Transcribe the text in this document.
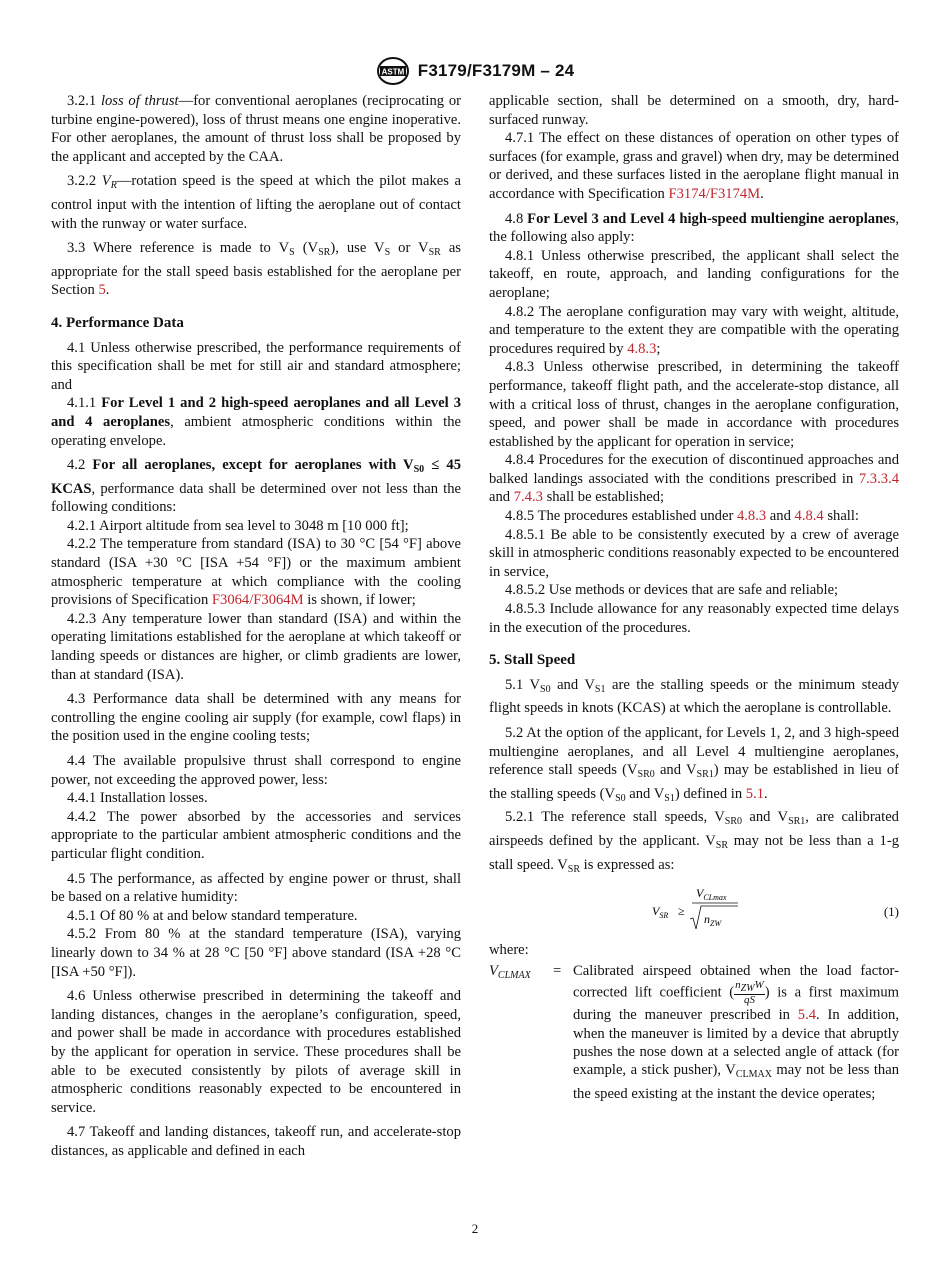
ASTM F3179/F3179M – 24

3.2.1 loss of thrust—for conventional aeroplanes (reciprocating or turbine engine-powered), loss of thrust means one engine inoperative. For other aeroplanes, the amount of thrust loss shall be proposed by the applicant and accepted by the CAA.

3.2.2 $V_R—rotation$ speed is the speed at which the pilot makes a control input with the intention of lifting the aeroplane out of contact with the runway or water surface.

3.3 Where reference is made to $V_S$ $(V_{SR})$, use $V_S$ or $V_{SR}$ as appropriate for the stall speed basis established for the aeroplane per Section 5.

4. Performance Data

4.1 Unless otherwise prescribed, the performance requirements of this specification shall be met for still air and standard atmosphere; and

4.1.1 For Level 1 and 2 high-speed aeroplanes and all Level 3 and 4 aeroplanes, ambient atmospheric conditions within the operating envelope.

4.2 For all aeroplanes, except for aeroplanes with $V_{S0} \le 45$ KCAS, performance data shall be determined over not less than the following conditions:

4.2.1 Airport altitude from sea level to 3048 m [10 000 ft];

4.2.2 The temperature from standard (ISA) to 30 °C [54 °F] above standard (ISA +30 °C [ISA +54 °F]) or the maximum ambient atmospheric temperature at which compliance with the cooling provisions of Specification F3064/F3064M is shown, if lower;

4.2.3 Any temperature lower than standard (ISA) and within the operating limitations established for the aeroplane at which takeoff or landing speeds or distances are higher, or climb gradients are lower, than at standard (ISA).

4.3 Performance data shall be determined with any means for controlling the engine cooling air supply (for example, cowl flaps) in the position used in the engine cooling tests;

4.4 The available propulsive thrust shall correspond to engine power, not exceeding the approved power, less:

4.4.1 Installation losses.

4.4.2 The power absorbed by the accessories and services appropriate to the particular ambient atmospheric conditions and the particular flight condition.

4.5 The performance, as affected by engine power or thrust, shall be based on a relative humidity:

4.5.1 Of 80 % at and below standard temperature.

4.5.2 From 80 % at the standard temperature (ISA), varying linearly down to 34 % at 28 °C [50 °F] above standard (ISA +28 °C [ISA +50 °F]).

4.6 Unless otherwise prescribed in determining the takeoff and landing distances, changes in the aeroplane’s configuration, speed, and power shall be made in accordance with procedures established by the applicant for operation in service. These procedures shall be able to be executed consistently by pilots of average skill in atmospheric conditions reasonably expected to be encountered in service.

4.7 Takeoff and landing distances, takeoff run, and accelerate-stop distances, as applicable and defined in each

applicable section, shall be determined on a smooth, dry, hard-surfaced runway.

4.7.1 The effect on these distances of operation on other types of surfaces (for example, grass and gravel) when dry, may be determined or derived, and these surfaces listed in the aeroplane flight manual in accordance with Specification F3174/F3174M.

4.8 For Level 3 and Level 4 high-speed multiengine aeroplanes, the following also apply:

4.8.1 Unless otherwise prescribed, the applicant shall select the takeoff, en route, approach, and landing configurations for the aeroplane;

4.8.2 The aeroplane configuration may vary with weight, altitude, and temperature to the extent they are compatible with the operating procedures required by 4.8.3;

4.8.3 Unless otherwise prescribed, in determining the takeoff performance, takeoff flight path, and the accelerate-stop distance, all with a critical loss of thrust, changes in the aeroplane configuration, speed, and power shall be made in accordance with procedures established by the applicant for operation in service;

4.8.4 Procedures for the execution of discontinued approaches and balked landings associated with the conditions prescribed in 7.3.3.4 and 7.4.3 shall be established;

4.8.5 The procedures established under 4.8.3 and 4.8.4 shall:

4.8.5.1 Be able to be consistently executed by a crew of average skill in atmospheric conditions reasonably expected to be encountered in service,

4.8.5.2 Use methods or devices that are safe and reliable;

4.8.5.3 Include allowance for any reasonably expected time delays in the execution of the procedures.

5. Stall Speed

5.1 $V_{S0}$ and $V_{S1}$ are the stalling speeds or the minimum steady flight speeds in knots (KCAS) at which the aeroplane is controllable.

5.2 At the option of the applicant, for Levels 1, 2, and 3 high-speed multiengine aeroplanes, and all Level 4 multiengine aeroplanes, reference stall speeds ($V_{SR0}$ and $V_{SR1}$) may be established in lieu of the stalling speeds ($V_{S0}$ and $V_{S1}$) defined in 5.1.

5.2.1 The reference stall speeds, $V_{SR0}$ and $V_{SR1}$, are calibrated airspeeds defined by the applicant. $V_{SR}$ may not be less than a 1-g stall speed. $V_{SR}$ is expressed as:

$V_{SR}$ ≥
$V_{CLmax}$
$n_{ZW}$
(1)

where:

$V_{CLMAX}$	= Calibrated airspeed obtained when the load factor-corrected lift coefficient ( $\frac{\text{nZWW}}{qS}$ ) is a first maximum during the maneuver prescribed in 5.4. In addition, when the maneuver is limited by a device that abruptly pushes the nose down at a selected angle of attack (for example, a stick pusher), $V_{CLMAX}$ may not be less than the speed existing at the instant the device operates;
2
